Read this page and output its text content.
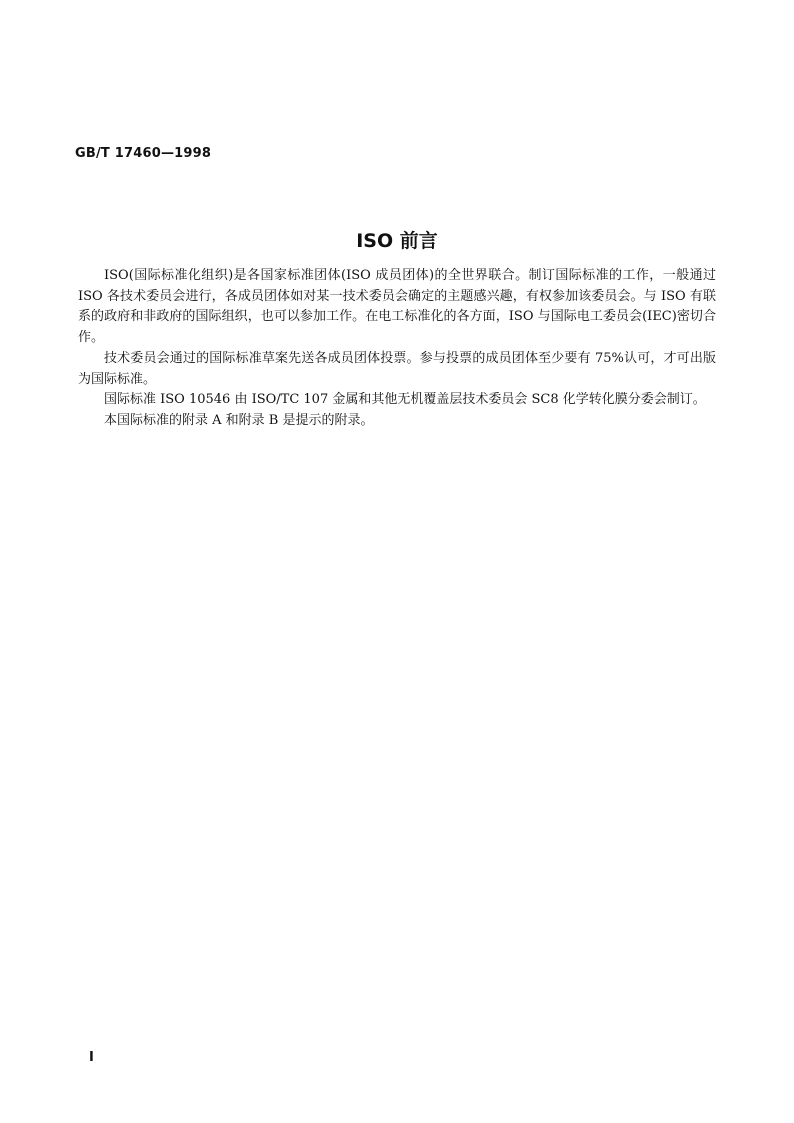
GB/T 17460—1998
ISO 前言

ISO(国际标准化组织)是各国家标准团体(ISO 成员团体)的全世界联合。制订国际标准的工作，一般通过 ISO 各技术委员会进行，各成员团体如对某一技术委员会确定的主题感兴趣，有权参加该委员会。与 ISO 有联系的政府和非政府的国际组织，也可以参加工作。在电工标准化的各方面，ISO 与国际电工委员会(IEC)密切合作。

技术委员会通过的国际标准草案先送各成员团体投票。参与投票的成员团体至少要有 75%认可，才可出版为国际标准。

国际标准 ISO 10546 由 ISO/TC 107 金属和其他无机覆盖层技术委员会 SC8 化学转化膜分委会制订。

本国际标准的附录 A 和附录 B 是提示的附录。

I
